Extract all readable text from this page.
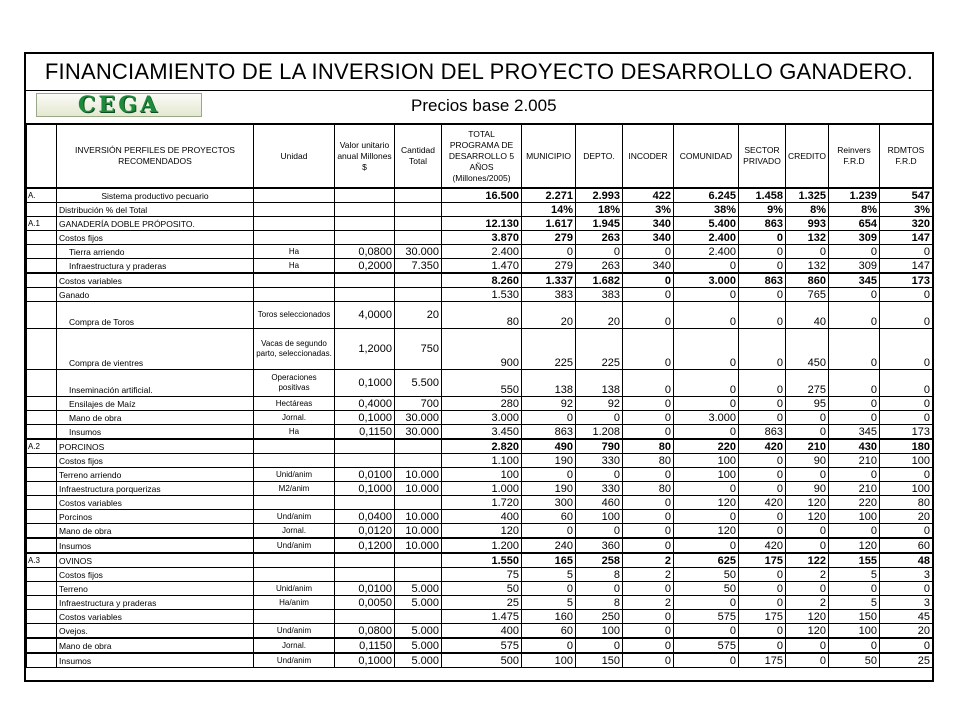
FINANCIAMIENTO DE LA INVERSION DEL PROYECTO DESARROLLO GANADERO.
CEGA	Precios base 2.005
	INVERSIÓN PERFILES DE PROYECTOS RECOMENDADOS	Unidad	Valor unitario anual Millones $	Cantidad Total	TOTAL PROGRAMA DE DESARROLLO 5 AÑOS (Millones/2005)	MUNICIPIO	DEPTO.	INCODER	COMUNIDAD	SECTOR PRIVADO	CREDITO	Reinvers F.R.D	RDMTOS F.R.D
A.	Sistema productivo pecuario				16.500	2.271	2.993	422	6.245	1.458	1.325	1.239	547
	Distribución % del Total					14%	18%	3%	38%	9%	8%	8%	3%
A.1	GANADERÍA DOBLE PRÓPOSITO.				12.130	1.617	1.945	340	5.400	863	993	654	320
	Costos fijos				3.870	279	263	340	2.400	0	132	309	147
	Tierra arriendo	Ha	0,0800	30.000	2.400	0	0	0	2.400	0	0	0	0
	Infraestructura y praderas	Ha	0,2000	7.350	1.470	279	263	340	0	0	132	309	147
	Costos variables				8.260	1.337	1.682	0	3.000	863	860	345	173
	Ganado				1.530	383	383	0	0	0	765	0	0
	Compra de Toros	Toros seleccionados	4,0000	20	80	20	20	0	0	0	40	0	0
	Compra de vientres	Vacas de segundo parto, seleccionadas.	1,2000	750	900	225	225	0	0	0	450	0	0
	Inseminación artificial.	Operaciones positivas	0,1000	5.500	550	138	138	0	0	0	275	0	0
	Ensilajes de Maíz	Hectáreas	0,4000	700	280	92	92	0	0	0	95	0	0
	Mano de obra	Jornal.	0,1000	30.000	3.000	0	0	0	3.000	0	0	0	0
	Insumos	Ha	0,1150	30.000	3.450	863	1.208	0	0	863	0	345	173
A.2	PORCINOS				2.820	490	790	80	220	420	210	430	180
	Costos fijos				1.100	190	330	80	100	0	90	210	100
	Terreno arriendo	Unid/anim	0,0100	10.000	100	0	0	0	100	0	0	0	0
	Infraestructura porquerizas	M2/anim	0,1000	10.000	1.000	190	330	80	0	0	90	210	100
	Costos variables				1.720	300	460	0	120	420	120	220	80
	Porcinos	Und/anim	0,0400	10.000	400	60	100	0	0	0	120	100	20
	Mano de obra	Jornal.	0,0120	10.000	120	0	0	0	120	0	0	0	0
	Insumos	Und/anim	0,1200	10.000	1.200	240	360	0	0	420	0	120	60
A.3	OVINOS				1.550	165	258	2	625	175	122	155	48
	Costos fijos				75	5	8	2	50	0	2	5	3
	Terreno	Unid/anim	0,0100	5.000	50	0	0	0	50	0	0	0	0
	Infraestructura y praderas	Ha/anim	0,0050	5.000	25	5	8	2	0	0	2	5	3
	Costos variables				1.475	160	250	0	575	175	120	150	45
	Ovejos.	Und/anim	0,0800	5.000	400	60	100	0	0	0	120	100	20
	Mano de obra	Jornal.	0,1150	5.000	575	0	0	0	575	0	0	0	0
	Insumos	Und/anim	0,1000	5.000	500	100	150	0	0	175	0	50	25
